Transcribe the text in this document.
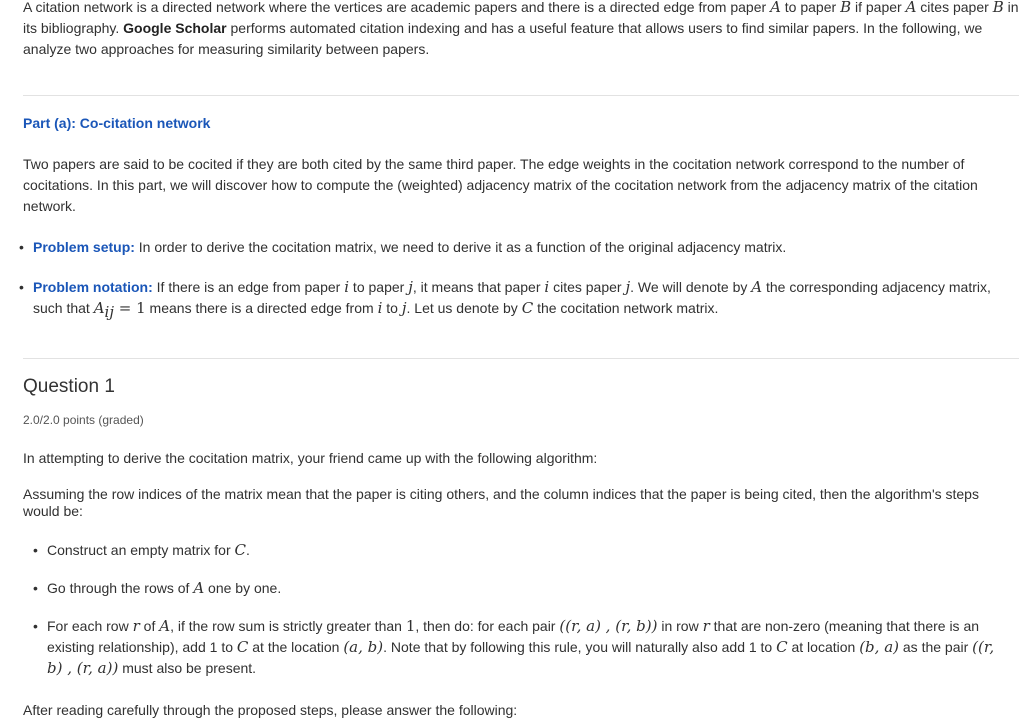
A citation network is a directed network where the vertices are academic papers and there is a directed edge from paper A to paper B if paper A cites paper B in its bibliography. Google Scholar performs automated citation indexing and has a useful feature that allows users to find similar papers. In the following, we analyze two approaches for measuring similarity between papers.

Part (a): Co-citation network

Two papers are said to be cocited if they are both cited by the same third paper. The edge weights in the cocitation network correspond to the number of cocitations. In this part, we will discover how to compute the (weighted) adjacency matrix of the cocitation network from the adjacency matrix of the citation network.

• Problem setup: In order to derive the cocitation matrix, we need to derive it as a function of the original adjacency matrix.
• Problem notation: If there is an edge from paper i to paper j, it means that paper i cites paper j. We will denote by A the corresponding adjacency matrix, such that $A_{ij} = 1$ means there is a directed edge from i to j. Let us denote by C the cocitation network matrix.
Question 1
2.0/2.0 points (graded)

In attempting to derive the cocitation matrix, your friend came up with the following algorithm:

Assuming the row indices of the matrix mean that the paper is citing others, and the column indices that the paper is being cited, then the algorithm's steps would be:

• Construct an empty matrix for C.
• Go through the rows of A one by one.
• For each row r of A, if the row sum is strictly greater than 1, then do: for each pair ((r, a) , (r, b)) in row r that are non-zero (meaning that there is an existing relationship), add 1 to C at the location (a, b). Note that by following this rule, you will naturally also add 1 to C at location (b, a) as the pair ((r, b) , (r, a)) must also be present.

After reading carefully through the proposed steps, please answer the following:
